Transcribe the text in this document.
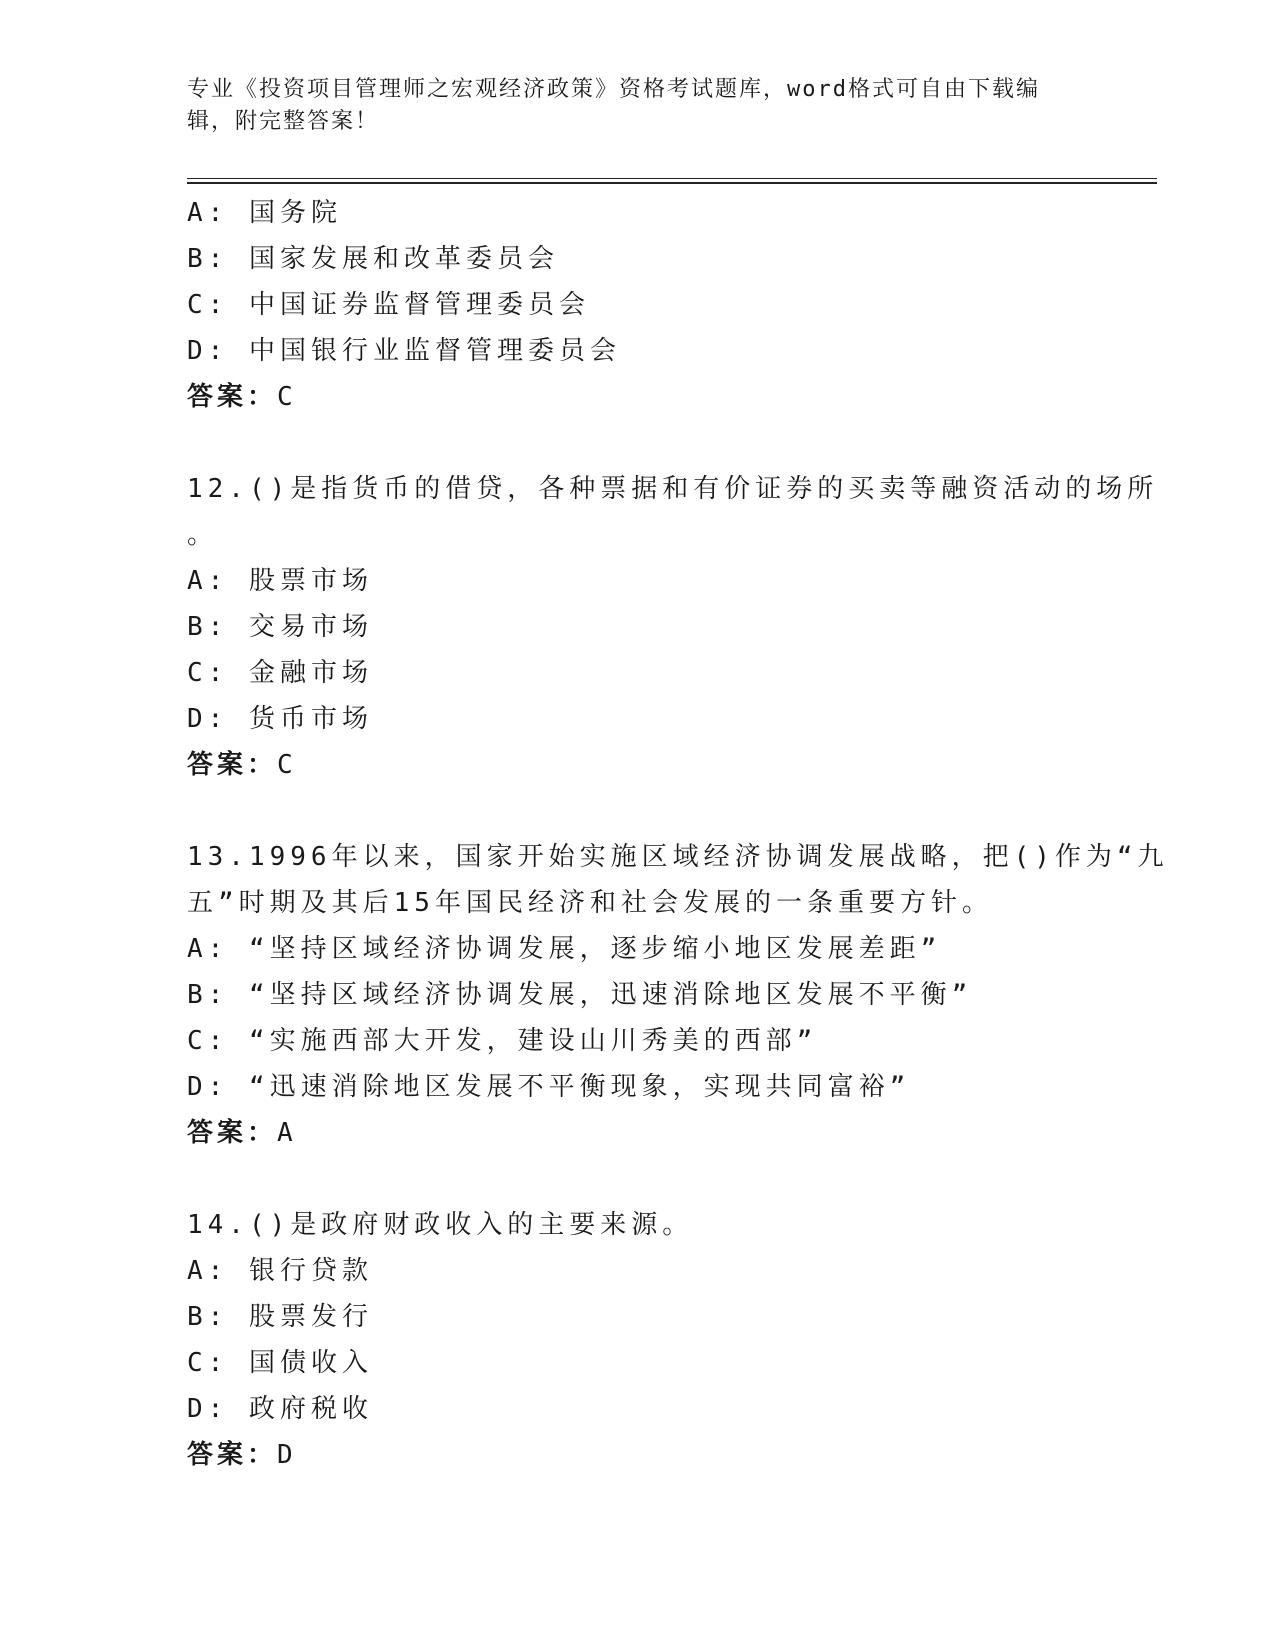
专业《投资项目管理师之宏观经济政策》资格考试题库，word格式可自由下载编
辑，附完整答案！
A: 国务院
B: 国家发展和改革委员会
C: 中国证券监督管理委员会
D: 中国银行业监督管理委员会
答案：C
12.()是指货币的借贷，各种票据和有价证券的买卖等融资活动的场所
。
A: 股票市场
B: 交易市场
C: 金融市场
D: 货币市场
答案：C
13.1996年以来，国家开始实施区域经济协调发展战略，把()作为“九
五”时期及其后15年国民经济和社会发展的一条重要方针。
A: “坚持区域经济协调发展，逐步缩小地区发展差距”
B: “坚持区域经济协调发展，迅速消除地区发展不平衡”
C: “实施西部大开发，建设山川秀美的西部”
D: “迅速消除地区发展不平衡现象，实现共同富裕”
答案：A
14.()是政府财政收入的主要来源。
A: 银行贷款
B: 股票发行
C: 国债收入
D: 政府税收
答案：D
